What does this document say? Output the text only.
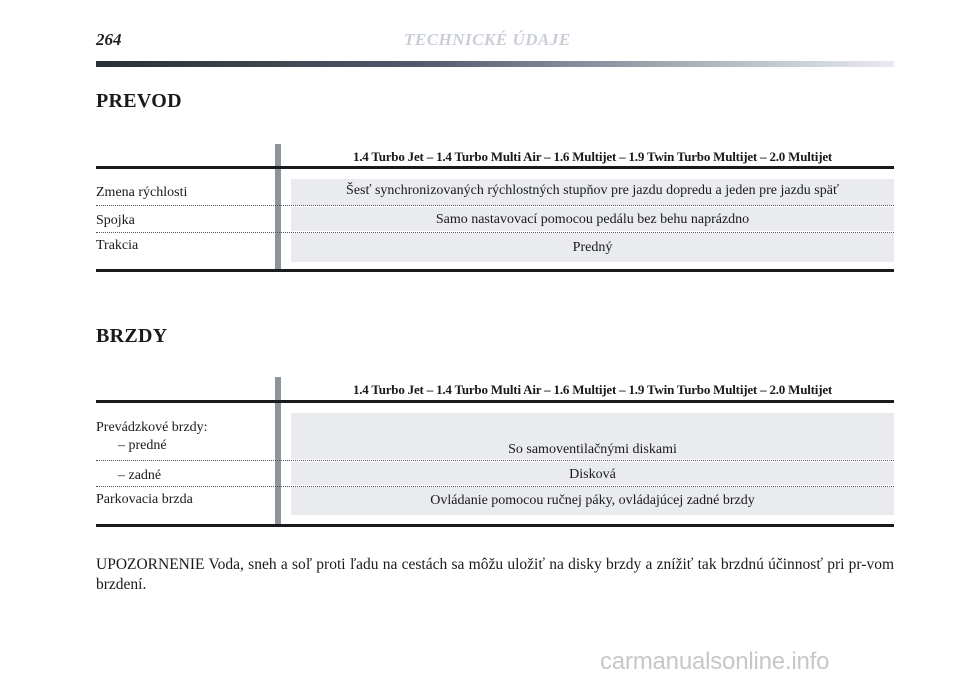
264	TECHNICKÉ ÚDAJE
PREVOD
1.4 Turbo Jet – 1.4 Turbo Multi Air – 1.6 Multijet – 1.9 Twin Turbo Multijet – 2.0 Multijet
Zmena rýchlosti	Šesť synchronizovaných rýchlostných stupňov pre jazdu dopredu a jeden pre jazdu späť
Spojka	Samo nastavovací pomocou pedálu bez behu naprázdno
Trakcia	Predný
BRZDY
1.4 Turbo Jet – 1.4 Turbo Multi Air – 1.6 Multijet – 1.9 Twin Turbo Multijet – 2.0 Multijet
Prevádzkové brzdy:
– predné	So samoventilačnými diskami
– zadné	Disková
Parkovacia brzda	Ovládanie pomocou ručnej páky, ovládajúcej zadné brzdy
UPOZORNENIE Voda, sneh a soľ proti ľadu na cestách sa môžu uložiť na disky brzdy a znížiť tak brzdnú účinnosť pri pr-vom brzdení.
carmanualsonline.info
